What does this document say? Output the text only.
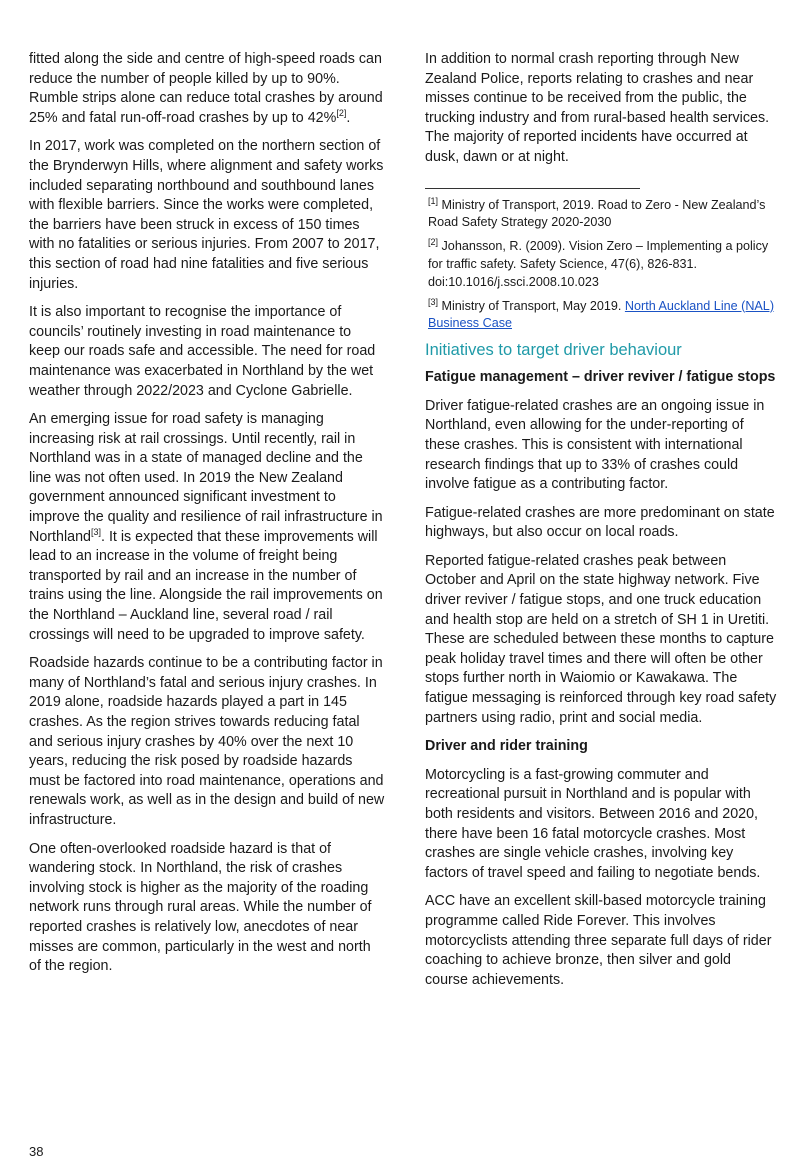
fitted along the side and centre of high-speed roads can reduce the number of people killed by up to 90%. Rumble strips alone can reduce total crashes by around 25% and fatal run-off-road crashes by up to 42%[2].

In 2017, work was completed on the northern section of the Brynderwyn Hills, where alignment and safety works included separating northbound and southbound lanes with flexible barriers. Since the works were completed, the barriers have been struck in excess of 150 times with no fatalities or serious injuries. From 2007 to 2017, this section of road had nine fatalities and five serious injuries.

It is also important to recognise the importance of councils’ routinely investing in road maintenance to keep our roads safe and accessible. The need for road maintenance was exacerbated in Northland by the wet weather through 2022/2023 and Cyclone Gabrielle.

An emerging issue for road safety is managing increasing risk at rail crossings. Until recently, rail in Northland was in a state of managed decline and the line was not often used. In 2019 the New Zealand government announced significant investment to improve the quality and resilience of rail infrastructure in Northland[3]. It is expected that these improvements will lead to an increase in the volume of freight being transported by rail and an increase in the number of trains using the line. Alongside the rail improvements on the Northland – Auckland line, several road / rail crossings will need to be upgraded to improve safety.

Roadside hazards continue to be a contributing factor in many of Northland’s fatal and serious injury crashes. In 2019 alone, roadside hazards played a part in 145 crashes. As the region strives towards reducing fatal and serious injury crashes by 40% over the next 10 years, reducing the risk posed by roadside hazards must be factored into road maintenance, operations and renewals work, as well as in the design and build of new infrastructure.

One often-overlooked roadside hazard is that of wandering stock. In Northland, the risk of crashes involving stock is higher as the majority of the roading network runs through rural areas. While the number of reported crashes is relatively low, anecdotes of near misses are common, particularly in the west and north of the region.

In addition to normal crash reporting through New Zealand Police, reports relating to crashes and near misses continue to be received from the public, the trucking industry and from rural-based health services. The majority of reported incidents have occurred at dusk, dawn or at night.

[1] Ministry of Transport, 2019. Road to Zero - New Zealand’s Road Safety Strategy 2020-2030
[2] Johansson, R. (2009). Vision Zero – Implementing a policy for traffic safety. Safety Science, 47(6), 826-831. doi:10.1016/j.ssci.2008.10.023
[3] Ministry of Transport, May 2019. North Auckland Line (NAL) Business Case
Initiatives to target driver behaviour
Fatigue management – driver reviver / fatigue stops

Driver fatigue-related crashes are an ongoing issue in Northland, even allowing for the under-reporting of these crashes. This is consistent with international research findings that up to 33% of crashes could involve fatigue as a contributing factor.

Fatigue-related crashes are more predominant on state highways, but also occur on local roads.

Reported fatigue-related crashes peak between October and April on the state highway network. Five driver reviver / fatigue stops, and one truck education and health stop are held on a stretch of SH 1 in Uretiti. These are scheduled between these months to capture peak holiday travel times and there will often be other stops further north in Waiomio or Kawakawa. The fatigue messaging is reinforced through key road safety partners using radio, print and social media.

Driver and rider training

Motorcycling is a fast-growing commuter and recreational pursuit in Northland and is popular with both residents and visitors. Between 2016 and 2020, there have been 16 fatal motorcycle crashes. Most crashes are single vehicle crashes, involving key factors of travel speed and failing to negotiate bends.

ACC have an excellent skill-based motorcycle training programme called Ride Forever. This involves motorcyclists attending three separate full days of rider coaching to achieve bronze, then silver and gold course achievements.

38
